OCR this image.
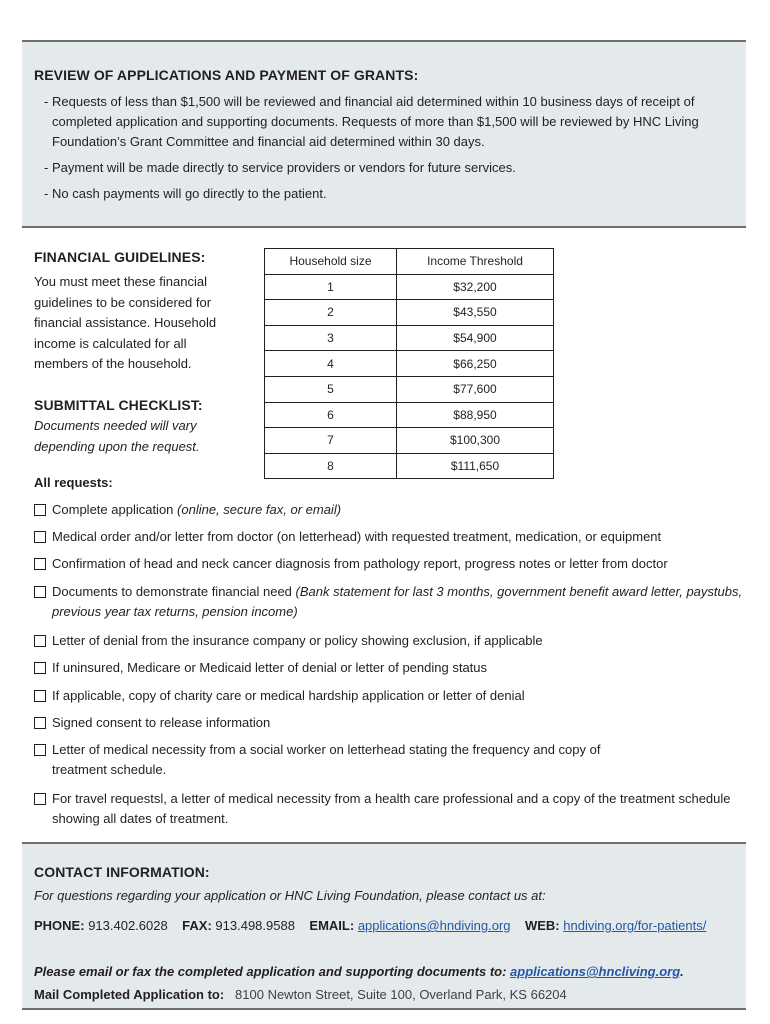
REVIEW OF APPLICATIONS AND PAYMENT OF GRANTS:
- Requests of less than $1,500 will be reviewed and financial aid determined within 10 business days of receipt of completed application and supporting documents. Requests of more than $1,500 will be reviewed by HNC Living Foundation’s Grant Committee and financial aid determined within 30 days.
- Payment will be made directly to service providers or vendors for future services.
- No cash payments will go directly to the patient.
FINANCIAL GUIDELINES:
You must meet these financial guidelines to be considered for financial assistance. Household income is calculated for all members of the household.
Household size	Income Threshold
1	$32,200
2	$43,550
3	$54,900
4	$66,250
5	$77,600
6	$88,950
7	$100,300
8	$111,650
SUBMITTAL CHECKLIST:
Documents needed will vary depending upon the request.
All requests:
Complete application (online, secure fax, or email)
Medical order and/or letter from doctor (on letterhead) with requested treatment, medication, or equipment
Confirmation of head and neck cancer diagnosis from pathology report, progress notes or letter from doctor
Documents to demonstrate financial need (Bank statement for last 3 months, government benefit award letter, paystubs, previous year tax returns, pension income)
Letter of denial from the insurance company or policy showing exclusion, if applicable
If uninsured, Medicare or Medicaid letter of denial or letter of pending status
If applicable, copy of charity care or medical hardship application or letter of denial
Signed consent to release information
Letter of medical necessity from a social worker on letterhead stating the frequency and copy of treatment schedule.
For travel requestsl, a letter of medical necessity from a health care professional and a copy of the treatment schedule showing all dates of treatment.
CONTACT INFORMATION:
For questions regarding your application or HNC Living Foundation, please contact us at:
PHONE: 913.402.6028 FAX: 913.498.9588 EMAIL: applications@hndiving.org WEB: hndiving.org/for-patients/
Please email or fax the completed application and supporting documents to: applications@hncliving.org.
Mail Completed Application to: 8100 Newton Street, Suite 100, Overland Park, KS 66204
